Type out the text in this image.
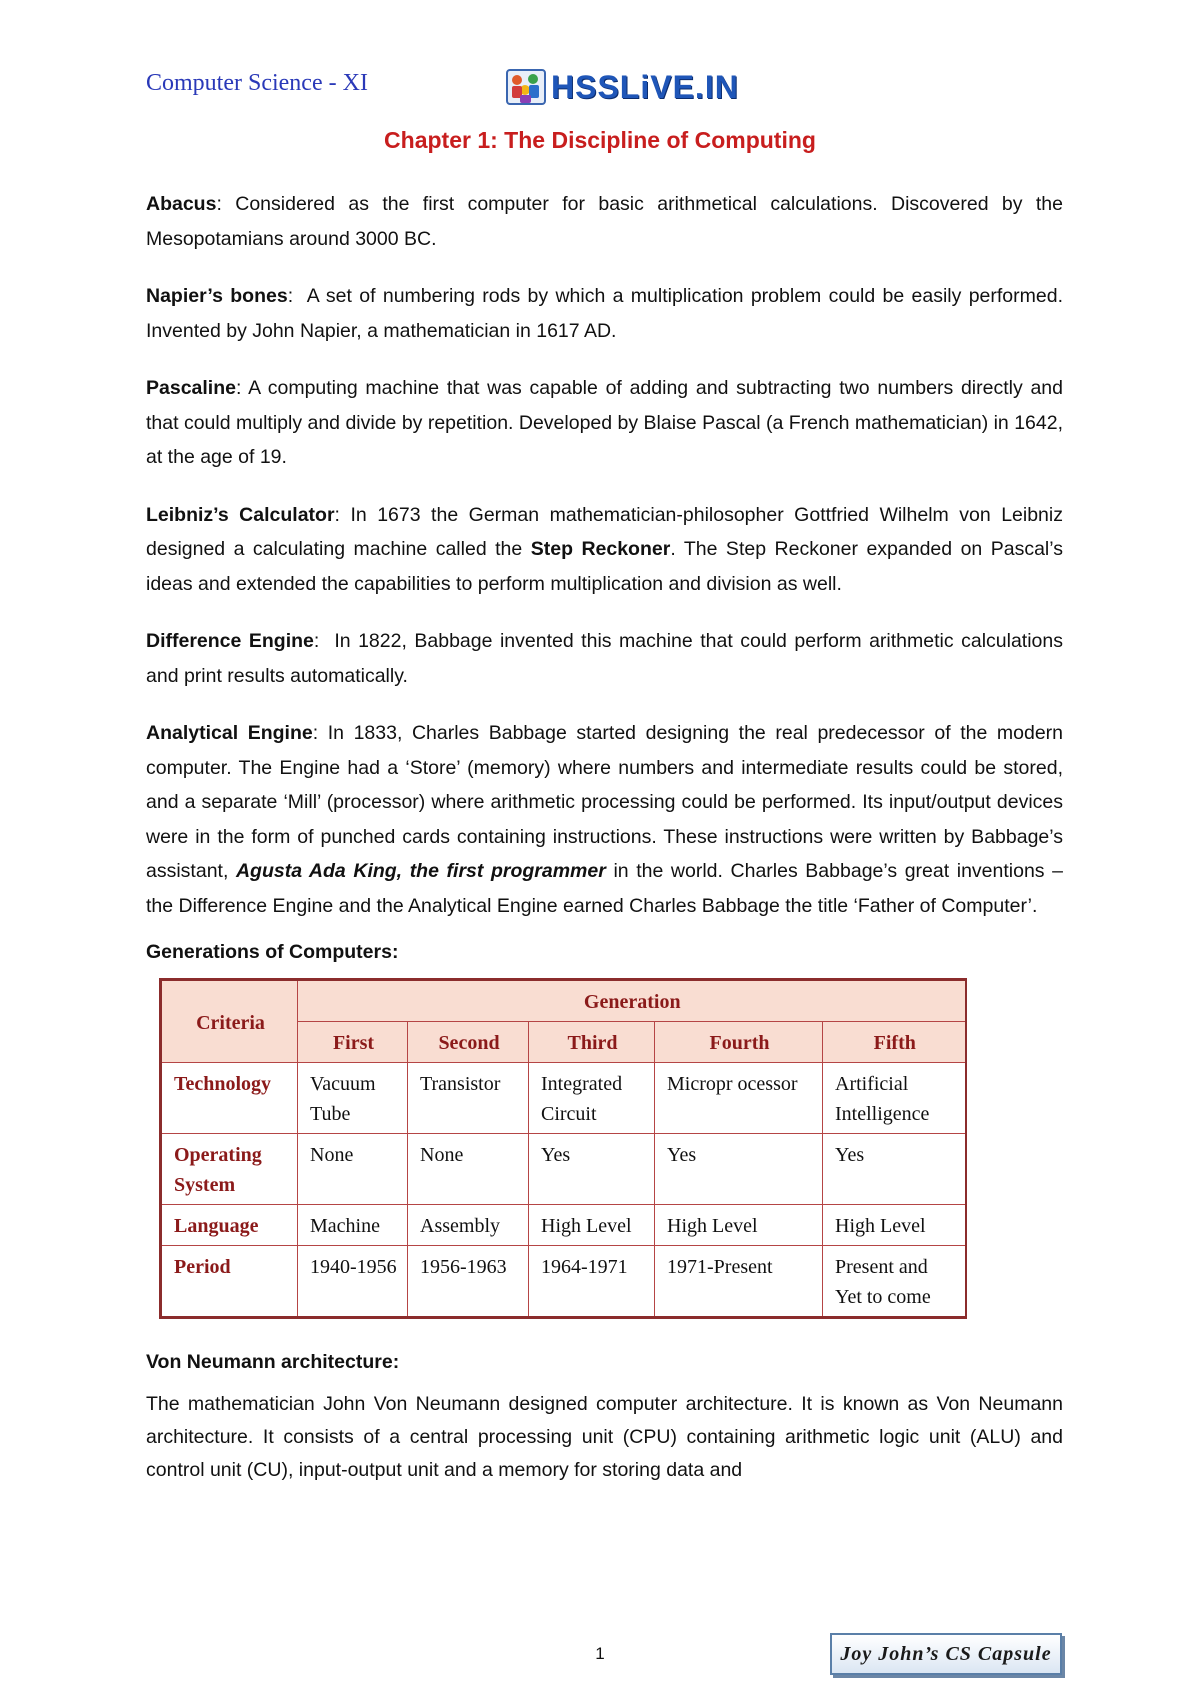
Computer Science - XI	HSSLiVE.IN
Chapter 1: The Discipline of Computing

Abacus: Considered as the first computer for basic arithmetical calculations. Discovered by the Mesopotamians around 3000 BC.

Napier’s bones:  A set of numbering rods by which a multiplication problem could be easily performed. Invented by John Napier, a mathematician in 1617 AD.

Pascaline: A computing machine that was capable of adding and subtracting two numbers directly and that could multiply and divide by repetition. Developed by Blaise Pascal (a French mathematician) in 1642, at the age of 19.

Leibniz’s Calculator: In 1673 the German mathematician-philosopher Gottfried Wilhelm von Leibniz designed a calculating machine called the Step Reckoner. The Step Reckoner expanded on Pascal’s ideas and extended the capabilities to perform multiplication and division as well.

Difference Engine:  In 1822, Babbage invented this machine that could perform arithmetic calculations and print results automatically.

Analytical Engine: In 1833, Charles Babbage started designing the real predecessor of the modern computer. The Engine had a ‘Store’ (memory) where numbers and intermediate results could be stored, and a separate ‘Mill’ (processor) where arithmetic processing could be performed. Its input/output devices were in the form of punched cards containing instructions. These instructions were written by Babbage’s assistant, Agusta Ada King, the first programmer in the world. Charles Babbage’s great inventions – the Difference Engine and the Analytical Engine earned Charles Babbage the title ‘Father of Computer’.

Generations of Computers:
Criteria	Generation				
	First	Second	Third	Fourth	Fifth
Technology	Vacuum Tube	Transistor	Integrated Circuit	Micropr ocessor	Artificial Intelligence
Operating System	None	None	Yes	Yes	Yes
Language	Machine	Assembly	High Level	High Level	High Level
Period	1940-1956	1956-1963	1964-1971	1971-Present	Present and Yet to come
Von Neumann architecture:

The mathematician John Von Neumann designed computer architecture. It is known as Von Neumann architecture. It consists of a central processing unit (CPU) containing arithmetic logic unit (ALU) and control unit (CU), input-output unit and a memory for storing data and

1	Joy John’s CS Capsule
